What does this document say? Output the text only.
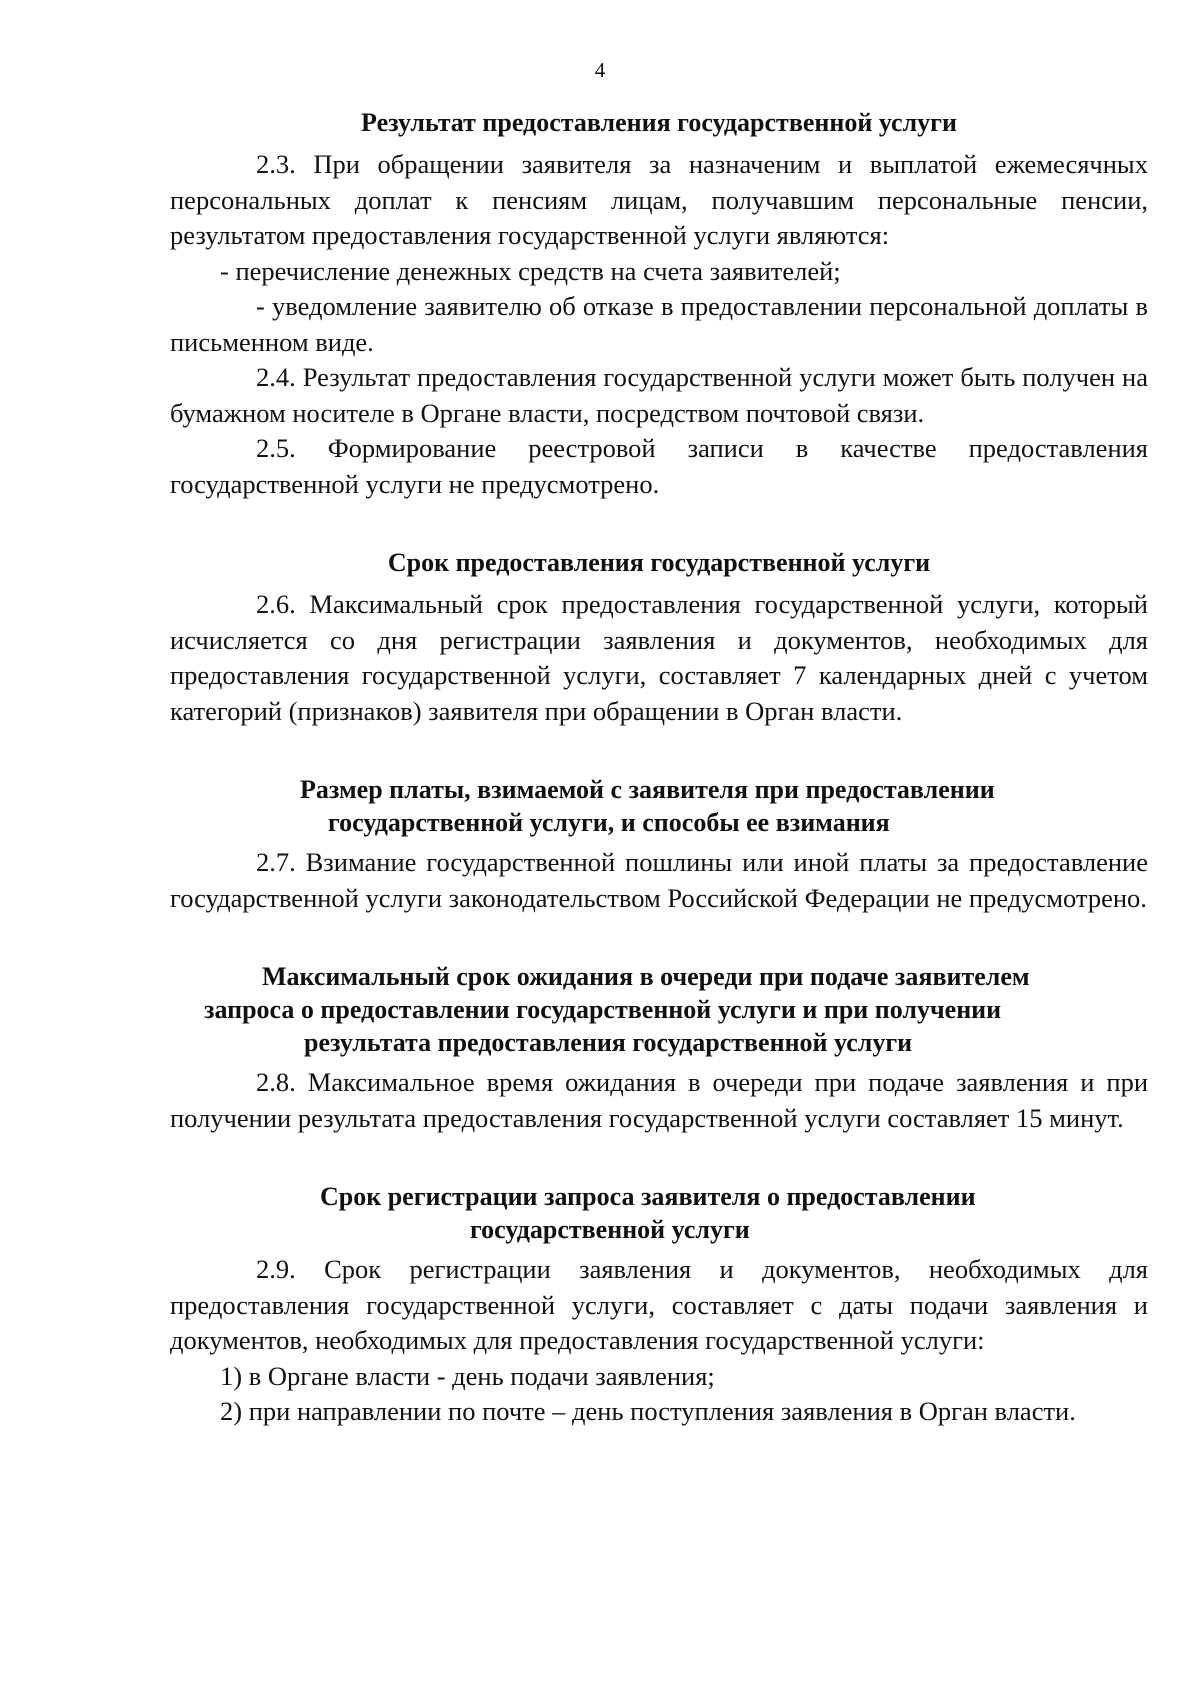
4
Результат предоставления государственной услуги

2.3. При обращении заявителя за назначеним и выплатой ежемесячных персональных доплат к пенсиям лицам, получавшим персональные пенсии, результатом предоставления государственной услуги являются:

- перечисление денежных средств на счета заявителей;

- уведомление заявителю об отказе в предоставлении персональной доплаты в письменном виде.

2.4. Результат предоставления государственной услуги может быть получен на бумажном носителе в Органе власти, посредством почтовой связи.

2.5. Формирование реестровой записи в качестве предоставления государственной услуги не предусмотрено.

Срок предоставления государственной услуги

2.6. Максимальный срок предоставления государственной услуги, который исчисляется со дня регистрации заявления и документов, необходимых для предоставления государственной услуги, составляет 7 календарных дней с учетом категорий (признаков) заявителя при обращении в Орган власти.

Размер платы, взимаемой с заявителя при предоставлении
государственной услуги, и способы ее взимания

2.7. Взимание государственной пошлины или иной платы за предоставление государственной услуги законодательством Российской Федерации не предусмотрено.

Максимальный срок ожидания в очереди при подаче заявителем
запроса о предоставлении государственной услуги и при получении
результата предоставления государственной услуги

2.8. Максимальное время ожидания в очереди при подаче заявления и при получении результата предоставления государственной услуги составляет 15 минут.

Срок регистрации запроса заявителя о предоставлении
государственной услуги

2.9. Срок регистрации заявления и документов, необходимых для предоставления государственной услуги, составляет с даты подачи заявления и документов, необходимых для предоставления государственной услуги:

1) в Органе власти - день подачи заявления;

2) при направлении по почте – день поступления заявления в Орган власти.
